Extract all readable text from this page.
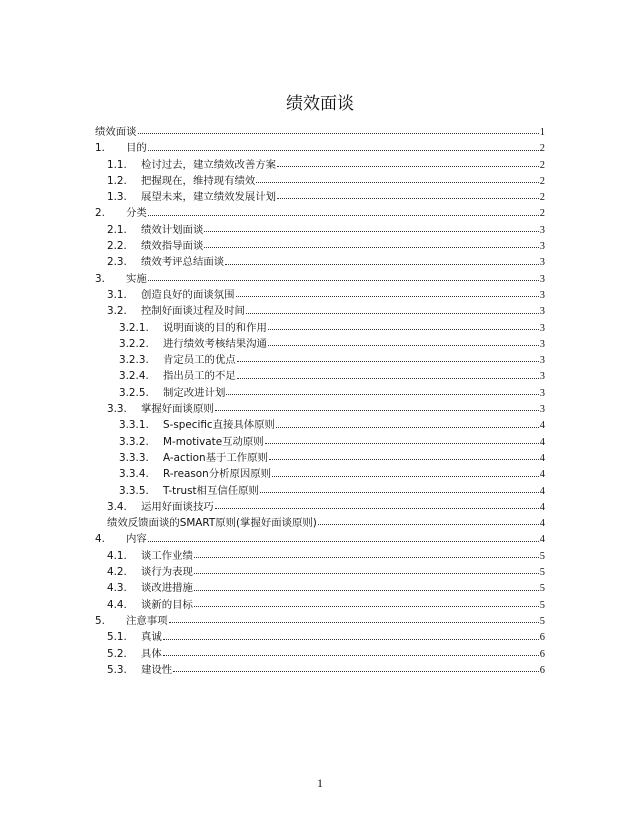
绩效面谈
绩效面谈	1
1.	目的	2
1.1.	检讨过去，建立绩效改善方案	2
1.2.	把握现在，维持现有绩效	2
1.3.	展望未来，建立绩效发展计划	2
2.	分类	2
2.1.	绩效计划面谈	3
2.2.	绩效指导面谈	3
2.3.	绩效考评总结面谈	3
3.	实施	3
3.1.	创造良好的面谈氛围	3
3.2.	控制好面谈过程及时间	3
3.2.1.	说明面谈的目的和作用	3
3.2.2.	进行绩效考核结果沟通	3
3.2.3.	肯定员工的优点	3
3.2.4.	指出员工的不足	3
3.2.5.	制定改进计划	3
3.3.	掌握好面谈原则	3
3.3.1.	S-specific直接具体原则	4
3.3.2.	M-motivate互动原则	4
3.3.3.	A-action基于工作原则	4
3.3.4.	R-reason分析原因原则	4
3.3.5.	T-trust相互信任原则	4
3.4.	运用好面谈技巧	4
绩效反馈面谈的SMART原则(掌握好面谈原则)	4
4.	内容	4
4.1.	谈工作业绩	5
4.2.	谈行为表现	5
4.3.	谈改进措施	5
4.4.	谈新的目标	5
5.	注意事项	5
5.1.	真诚	6
5.2.	具体	6
5.3.	建设性	6
1
